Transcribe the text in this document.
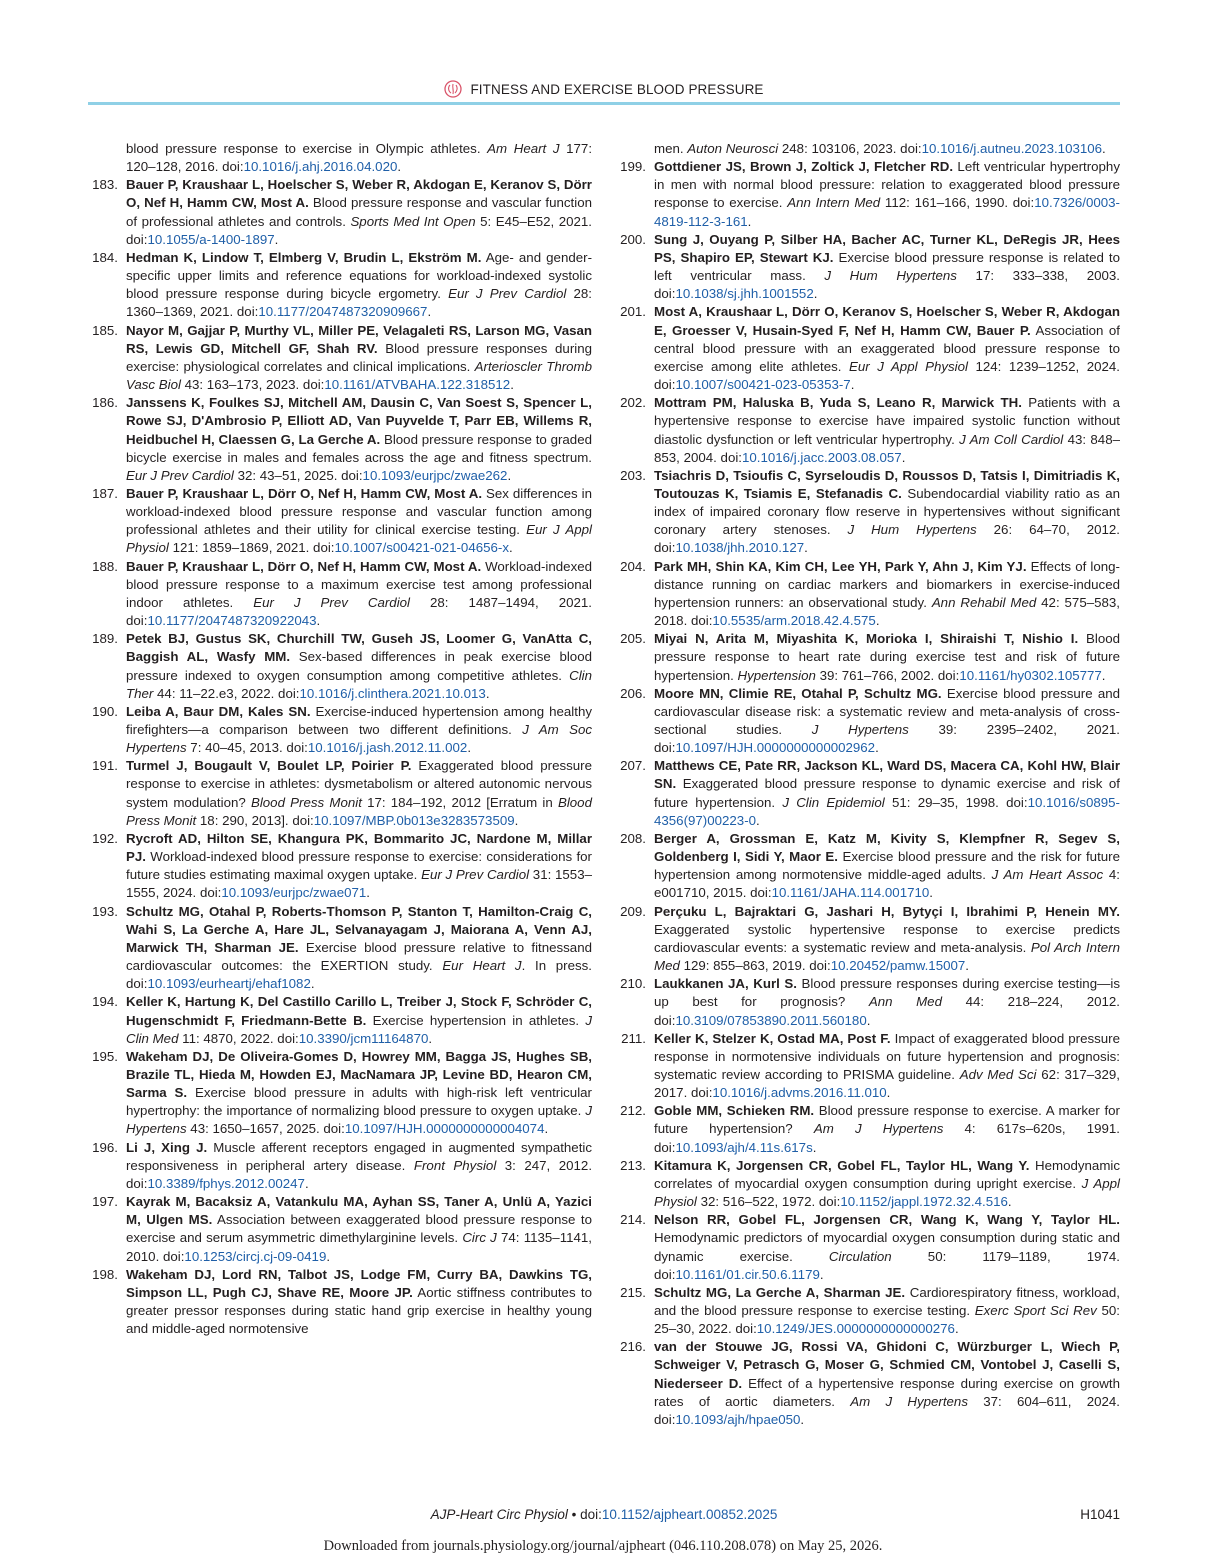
FITNESS AND EXERCISE BLOOD PRESSURE

blood pressure response to exercise in Olympic athletes. Am Heart J 177: 120–128, 2016. doi:10.1016/j.ahj.2016.04.020.

183. Bauer P, Kraushaar L, Hoelscher S, Weber R, Akdogan E, Keranov S, Dörr O, Nef H, Hamm CW, Most A. Blood pressure response and vascular function of professional athletes and controls. Sports Med Int Open 5: E45–E52, 2021. doi:10.1055/a-1400-1897.

184. Hedman K, Lindow T, Elmberg V, Brudin L, Ekström M. Age- and gender-specific upper limits and reference equations for workload-indexed systolic blood pressure response during bicycle ergometry. Eur J Prev Cardiol 28: 1360–1369, 2021. doi:10.1177/2047487320909667.

185. Nayor M, Gajjar P, Murthy VL, Miller PE, Velagaleti RS, Larson MG, Vasan RS, Lewis GD, Mitchell GF, Shah RV. Blood pressure responses during exercise: physiological correlates and clinical implications. Arterioscler Thromb Vasc Biol 43: 163–173, 2023. doi:10.1161/ATVBAHA.122.318512.

186. Janssens K, Foulkes SJ, Mitchell AM, Dausin C, Van Soest S, Spencer L, Rowe SJ, D'Ambrosio P, Elliott AD, Van Puyvelde T, Parr EB, Willems R, Heidbuchel H, Claessen G, La Gerche A. Blood pressure response to graded bicycle exercise in males and females across the age and fitness spectrum. Eur J Prev Cardiol 32: 43–51, 2025. doi:10.1093/eurjpc/zwae262.

187. Bauer P, Kraushaar L, Dörr O, Nef H, Hamm CW, Most A. Sex differences in workload-indexed blood pressure response and vascular function among professional athletes and their utility for clinical exercise testing. Eur J Appl Physiol 121: 1859–1869, 2021. doi:10.1007/s00421-021-04656-x.

188. Bauer P, Kraushaar L, Dörr O, Nef H, Hamm CW, Most A. Workload-indexed blood pressure response to a maximum exercise test among professional indoor athletes. Eur J Prev Cardiol 28: 1487–1494, 2021. doi:10.1177/2047487320922043.

189. Petek BJ, Gustus SK, Churchill TW, Guseh JS, Loomer G, VanAtta C, Baggish AL, Wasfy MM. Sex-based differences in peak exercise blood pressure indexed to oxygen consumption among competitive athletes. Clin Ther 44: 11–22.e3, 2022. doi:10.1016/j.clinthera.2021.10.013.

190. Leiba A, Baur DM, Kales SN. Exercise-induced hypertension among healthy firefighters—a comparison between two different definitions. J Am Soc Hypertens 7: 40–45, 2013. doi:10.1016/j.jash.2012.11.002.

191. Turmel J, Bougault V, Boulet LP, Poirier P. Exaggerated blood pressure response to exercise in athletes: dysmetabolism or altered autonomic nervous system modulation? Blood Press Monit 17: 184–192, 2012 [Erratum in Blood Press Monit 18: 290, 2013]. doi:10.1097/MBP.0b013e3283573509.

192. Rycroft AD, Hilton SE, Khangura PK, Bommarito JC, Nardone M, Millar PJ. Workload-indexed blood pressure response to exercise: considerations for future studies estimating maximal oxygen uptake. Eur J Prev Cardiol 31: 1553–1555, 2024. doi:10.1093/eurjpc/zwae071.

193. Schultz MG, Otahal P, Roberts-Thomson P, Stanton T, Hamilton-Craig C, Wahi S, La Gerche A, Hare JL, Selvanayagam J, Maiorana A, Venn AJ, Marwick TH, Sharman JE. Exercise blood pressure relative to fitnessand cardiovascular outcomes: the EXERTION study. Eur Heart J. In press. doi:10.1093/eurheartj/ehaf1082.

194. Keller K, Hartung K, Del Castillo Carillo L, Treiber J, Stock F, Schröder C, Hugenschmidt F, Friedmann-Bette B. Exercise hypertension in athletes. J Clin Med 11: 4870, 2022. doi:10.3390/jcm11164870.

195. Wakeham DJ, De Oliveira-Gomes D, Howrey MM, Bagga JS, Hughes SB, Brazile TL, Hieda M, Howden EJ, MacNamara JP, Levine BD, Hearon CM, Sarma S. Exercise blood pressure in adults with high-risk left ventricular hypertrophy: the importance of normalizing blood pressure to oxygen uptake. J Hypertens 43: 1650–1657, 2025. doi:10.1097/HJH.0000000000004074.

196. Li J, Xing J. Muscle afferent receptors engaged in augmented sympathetic responsiveness in peripheral artery disease. Front Physiol 3: 247, 2012. doi:10.3389/fphys.2012.00247.

197. Kayrak M, Bacaksiz A, Vatankulu MA, Ayhan SS, Taner A, Unlü A, Yazici M, Ulgen MS. Association between exaggerated blood pressure response to exercise and serum asymmetric dimethylarginine levels. Circ J 74: 1135–1141, 2010. doi:10.1253/circj.cj-09-0419.

198. Wakeham DJ, Lord RN, Talbot JS, Lodge FM, Curry BA, Dawkins TG, Simpson LL, Pugh CJ, Shave RE, Moore JP. Aortic stiffness contributes to greater pressor responses during static hand grip exercise in healthy young and middle-aged normotensive

men. Auton Neurosci 248: 103106, 2023. doi:10.1016/j.autneu.2023.103106.

199. Gottdiener JS, Brown J, Zoltick J, Fletcher RD. Left ventricular hypertrophy in men with normal blood pressure: relation to exaggerated blood pressure response to exercise. Ann Intern Med 112: 161–166, 1990. doi:10.7326/0003-4819-112-3-161.

200. Sung J, Ouyang P, Silber HA, Bacher AC, Turner KL, DeRegis JR, Hees PS, Shapiro EP, Stewart KJ. Exercise blood pressure response is related to left ventricular mass. J Hum Hypertens 17: 333–338, 2003. doi:10.1038/sj.jhh.1001552.

201. Most A, Kraushaar L, Dörr O, Keranov S, Hoelscher S, Weber R, Akdogan E, Groesser V, Husain-Syed F, Nef H, Hamm CW, Bauer P. Association of central blood pressure with an exaggerated blood pressure response to exercise among elite athletes. Eur J Appl Physiol 124: 1239–1252, 2024. doi:10.1007/s00421-023-05353-7.

202. Mottram PM, Haluska B, Yuda S, Leano R, Marwick TH. Patients with a hypertensive response to exercise have impaired systolic function without diastolic dysfunction or left ventricular hypertrophy. J Am Coll Cardiol 43: 848–853, 2004. doi:10.1016/j.jacc.2003.08.057.

203. Tsiachris D, Tsioufis C, Syrseloudis D, Roussos D, Tatsis I, Dimitriadis K, Toutouzas K, Tsiamis E, Stefanadis C. Subendocardial viability ratio as an index of impaired coronary flow reserve in hypertensives without significant coronary artery stenoses. J Hum Hypertens 26: 64–70, 2012. doi:10.1038/jhh.2010.127.

204. Park MH, Shin KA, Kim CH, Lee YH, Park Y, Ahn J, Kim YJ. Effects of long-distance running on cardiac markers and biomarkers in exercise-induced hypertension runners: an observational study. Ann Rehabil Med 42: 575–583, 2018. doi:10.5535/arm.2018.42.4.575.

205. Miyai N, Arita M, Miyashita K, Morioka I, Shiraishi T, Nishio I. Blood pressure response to heart rate during exercise test and risk of future hypertension. Hypertension 39: 761–766, 2002. doi:10.1161/hy0302.105777.

206. Moore MN, Climie RE, Otahal P, Schultz MG. Exercise blood pressure and cardiovascular disease risk: a systematic review and meta-analysis of cross-sectional studies. J Hypertens 39: 2395–2402, 2021. doi:10.1097/HJH.0000000000002962.

207. Matthews CE, Pate RR, Jackson KL, Ward DS, Macera CA, Kohl HW, Blair SN. Exaggerated blood pressure response to dynamic exercise and risk of future hypertension. J Clin Epidemiol 51: 29–35, 1998. doi:10.1016/s0895-4356(97)00223-0.

208. Berger A, Grossman E, Katz M, Kivity S, Klempfner R, Segev S, Goldenberg I, Sidi Y, Maor E. Exercise blood pressure and the risk for future hypertension among normotensive middle-aged adults. J Am Heart Assoc 4: e001710, 2015. doi:10.1161/JAHA.114.001710.

209. Perçuku L, Bajraktari G, Jashari H, Bytyçi I, Ibrahimi P, Henein MY. Exaggerated systolic hypertensive response to exercise predicts cardiovascular events: a systematic review and meta-analysis. Pol Arch Intern Med 129: 855–863, 2019. doi:10.20452/pamw.15007.

210. Laukkanen JA, Kurl S. Blood pressure responses during exercise testing—is up best for prognosis? Ann Med 44: 218–224, 2012. doi:10.3109/07853890.2011.560180.

211. Keller K, Stelzer K, Ostad MA, Post F. Impact of exaggerated blood pressure response in normotensive individuals on future hypertension and prognosis: systematic review according to PRISMA guideline. Adv Med Sci 62: 317–329, 2017. doi:10.1016/j.advms.2016.11.010.

212. Goble MM, Schieken RM. Blood pressure response to exercise. A marker for future hypertension? Am J Hypertens 4: 617s–620s, 1991. doi:10.1093/ajh/4.11s.617s.

213. Kitamura K, Jorgensen CR, Gobel FL, Taylor HL, Wang Y. Hemodynamic correlates of myocardial oxygen consumption during upright exercise. J Appl Physiol 32: 516–522, 1972. doi:10.1152/jappl.1972.32.4.516.

214. Nelson RR, Gobel FL, Jorgensen CR, Wang K, Wang Y, Taylor HL. Hemodynamic predictors of myocardial oxygen consumption during static and dynamic exercise. Circulation 50: 1179–1189, 1974. doi:10.1161/01.cir.50.6.1179.

215. Schultz MG, La Gerche A, Sharman JE. Cardiorespiratory fitness, workload, and the blood pressure response to exercise testing. Exerc Sport Sci Rev 50: 25–30, 2022. doi:10.1249/JES.0000000000000276.

216. van der Stouwe JG, Rossi VA, Ghidoni C, Würzburger L, Wiech P, Schweiger V, Petrasch G, Moser G, Schmied CM, Vontobel J, Caselli S, Niederseer D. Effect of a hypertensive response during exercise on growth rates of aortic diameters. Am J Hypertens 37: 604–611, 2024. doi:10.1093/ajh/hpae050.

AJP-Heart Circ Physiol • doi:10.1152/ajpheart.00852.2025	H1041
Downloaded from journals.physiology.org/journal/ajpheart (046.110.208.078) on May 25, 2026.
